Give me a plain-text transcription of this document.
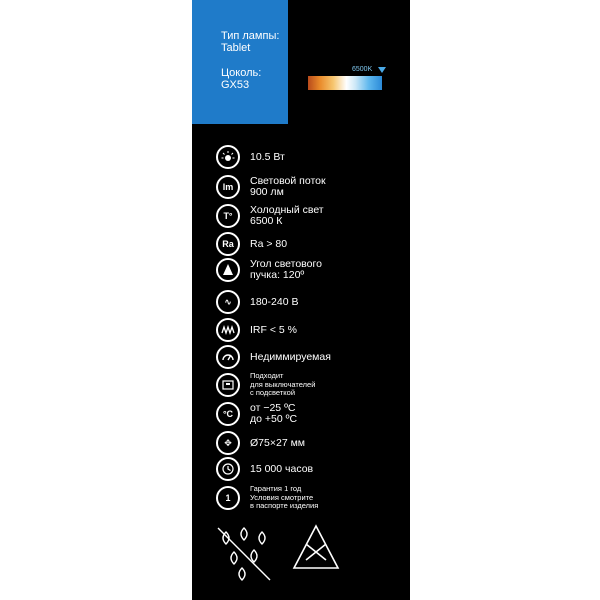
Тип лампы:
Tablet
Цоколь:
GX53
6500K
10.5 Вт
lm	Световой поток
900 лм
T°	Холодный свет
6500 К
Ra	Ra > 80
Угол светового
пучка: 120º
∿	180-240 В
IRF < 5 %
Недиммируемая
Подходит
для выключателей
с подсветкой
°C	от −25 ºС
до +50 ºС
✥	Ø75×27 мм
15 000 часов
1
Гарантия 1 год
Условия смотрите
в паспорте изделия
